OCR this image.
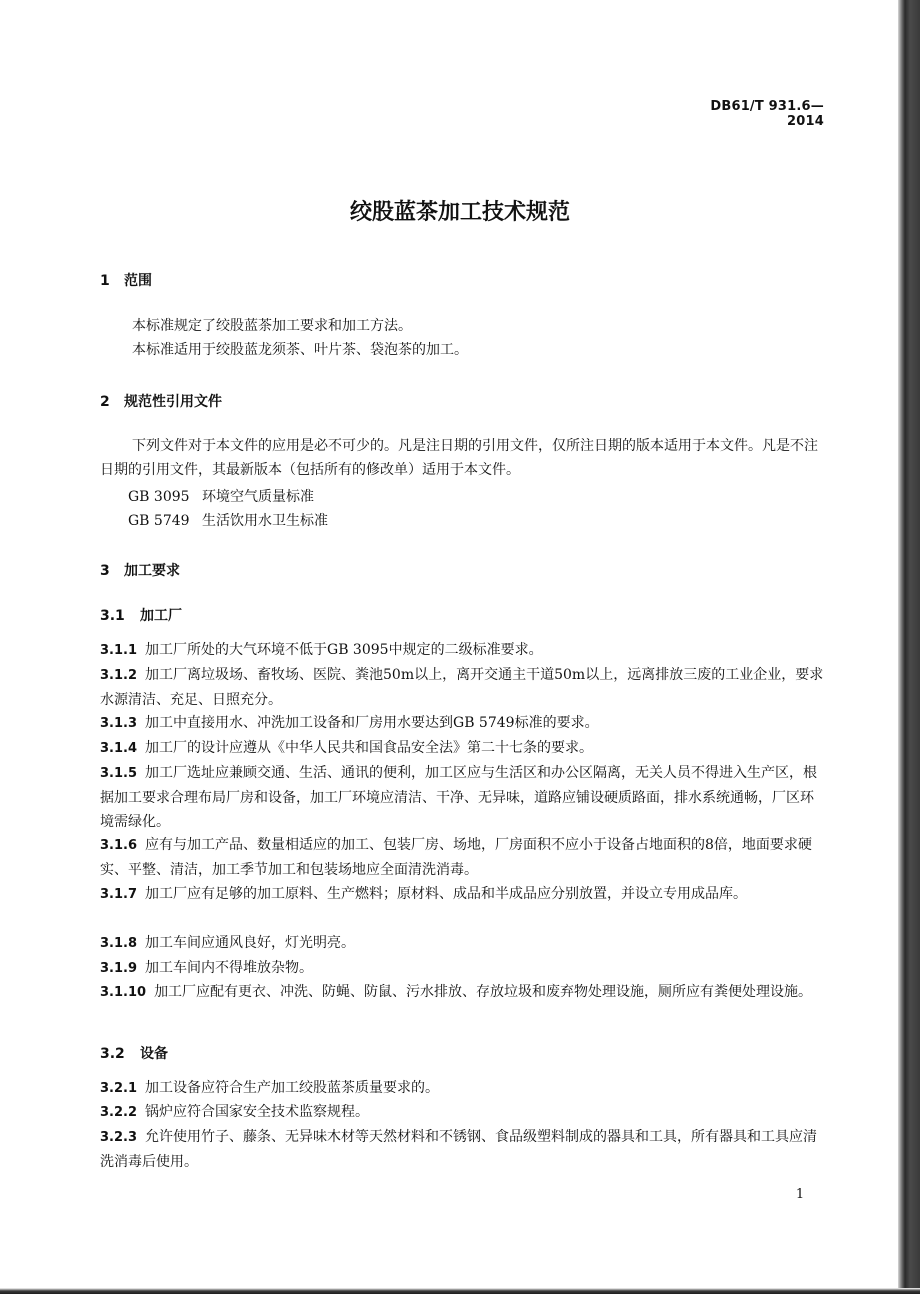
DB61/T 931.6—2014
绞股蓝茶加工技术规范
1 范围
本标准规定了绞股蓝茶加工要求和加工方法。
本标准适用于绞股蓝龙须茶、叶片茶、袋泡茶的加工。
2 规范性引用文件
下列文件对于本文件的应用是必不可少的。凡是注日期的引用文件，仅所注日期的版本适用于本文件。凡是不注日期的引用文件，其最新版本（包括所有的修改单）适用于本文件。
GB 3095 环境空气质量标准
GB 5749 生活饮用水卫生标准
3 加工要求
3.1 加工厂
3.1.1 加工厂所处的大气环境不低于GB 3095中规定的二级标准要求。
3.1.2 加工厂离垃圾场、畜牧场、医院、粪池50m以上，离开交通主干道50m以上，远离排放三废的工业企业，要求水源清洁、充足、日照充分。
3.1.3 加工中直接用水、冲洗加工设备和厂房用水要达到GB 5749标准的要求。
3.1.4 加工厂的设计应遵从《中华人民共和国食品安全法》第二十七条的要求。
3.1.5 加工厂选址应兼顾交通、生活、通讯的便利，加工区应与生活区和办公区隔离，无关人员不得进入生产区，根据加工要求合理布局厂房和设备，加工厂环境应清洁、干净、无异味，道路应铺设硬质路面，排水系统通畅，厂区环境需绿化。
3.1.6 应有与加工产品、数量相适应的加工、包装厂房、场地，厂房面积不应小于设备占地面积的8倍，地面要求硬实、平整、清洁，加工季节加工和包装场地应全面清洗消毒。
3.1.7 加工厂应有足够的加工原料、生产燃料；原材料、成品和半成品应分别放置，并设立专用成品库。
3.1.8 加工车间应通风良好，灯光明亮。
3.1.9 加工车间内不得堆放杂物。
3.1.10 加工厂应配有更衣、冲洗、防蝇、防鼠、污水排放、存放垃圾和废弃物处理设施，厕所应有粪便处理设施。
3.2 设备
3.2.1 加工设备应符合生产加工绞股蓝茶质量要求的。
3.2.2 锅炉应符合国家安全技术监察规程。
3.2.3 允许使用竹子、藤条、无异味木材等天然材料和不锈钢、食品级塑料制成的器具和工具，所有器具和工具应清洗消毒后使用。
1
